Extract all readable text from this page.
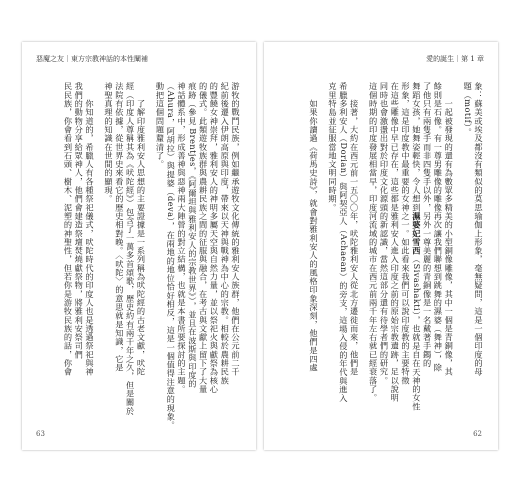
惡魔之友｜東方宗教神話的本性闡補
游牧的戰鬥民族，例如繼承遊牧文化傳統的雅利安人族群，他們在公元前二千
紀前後遷入伊朗高原與印度，帶來以天神與戰神為中心的宗教。相較於農耕民族
的豐饒女神崇拜，雅利安人的神明多屬天空與自然力量，並以祭祀火與獻祭為核心
的儀式。此類遊牧族群與農耕民族之間的征服與融合，在考古與文獻上留下了大量
痕跡（參見 Brentjes，《阿爾坦與雅利安人的宗教世界》），並且在波斯與印度的
神話體系中，形成善神與惡神兩大陣營的對立結構，也就是本書所要探討的主題。
（Ahura，阿胡拉）與提婆（deva），在兩地的地位恰好相反，這是一個值得注意的現象。
動把這個問題釐清了。
了解印度雅利安人思想的主要證據是一系列稱為吠陀經的古老文獻，吠陀
經（印度人尊稱其為《吠陀經》）包含了一萬多首頌歌，歷史約有兩千年之久，但是關於
法院有依據，從世界史來看它的歷史相對晚。〈吠陀〉的意思就是知識，它是
神聖真理的知識在世間的顯現。
你知道的，希臘人有各種祭祀儀式，吠陀時代的印度人也是透過祭祀與神
我們的動物分享給眾神人，他們會建造祭壇焚燒獻祭物，將雅利安祭司們
民民族，你會看到石頭、樹木、泥塑的神聖性，但若你是游牧民族的話，你會
63
愛的誕生｜第 1 章
象：蘇美或埃及都沒有類似的莫思瑜伽上形象，毫無疑問，這是一個印度的母
題（motif）。
一起被發現的還有為數眾多精美的小型銅像雕像，其中一個是青銅像，其
餘則是石像。有一尊男雕像的雕像再次讓我們聯想到跳舞的濕婆（舞神），除
了他只有兩隻手而非四隻手以外，另外一尊美麗的青銅像是一名戴著手鐲的
舞蹈女孩，她舞姿輕快，令人想到濕婆妃雪西（Sivashakti），也就是自在天神的女性
形象，這是印度教中最重要的女神之一。如此看來我們可以說印度教的主要特徵
在這些雕像中早已存在，這些都是雅利安人進入印度之前的原始宗教遺跡，足以說明
同時也會激盪出對於印度文化源頭的新認識，當然這部分還有待學者們的研究。
這個時期的印度發展相當早，印度河流域的城市在西元前兩千年左右就已經衰落了。
接著，大約在西元前一五〇〇年，吠陀雅利安人從北方遷徙而來，他們是
希臘多利安人（Dorian）與阿契亞人（Achaean）的旁支，這場入侵的年代與進入
克里特島並征服當地文明同時期。
如果你讀過《荷馬史詩》，就會對雅利安人的風格印象深刻，他們是四處
62
